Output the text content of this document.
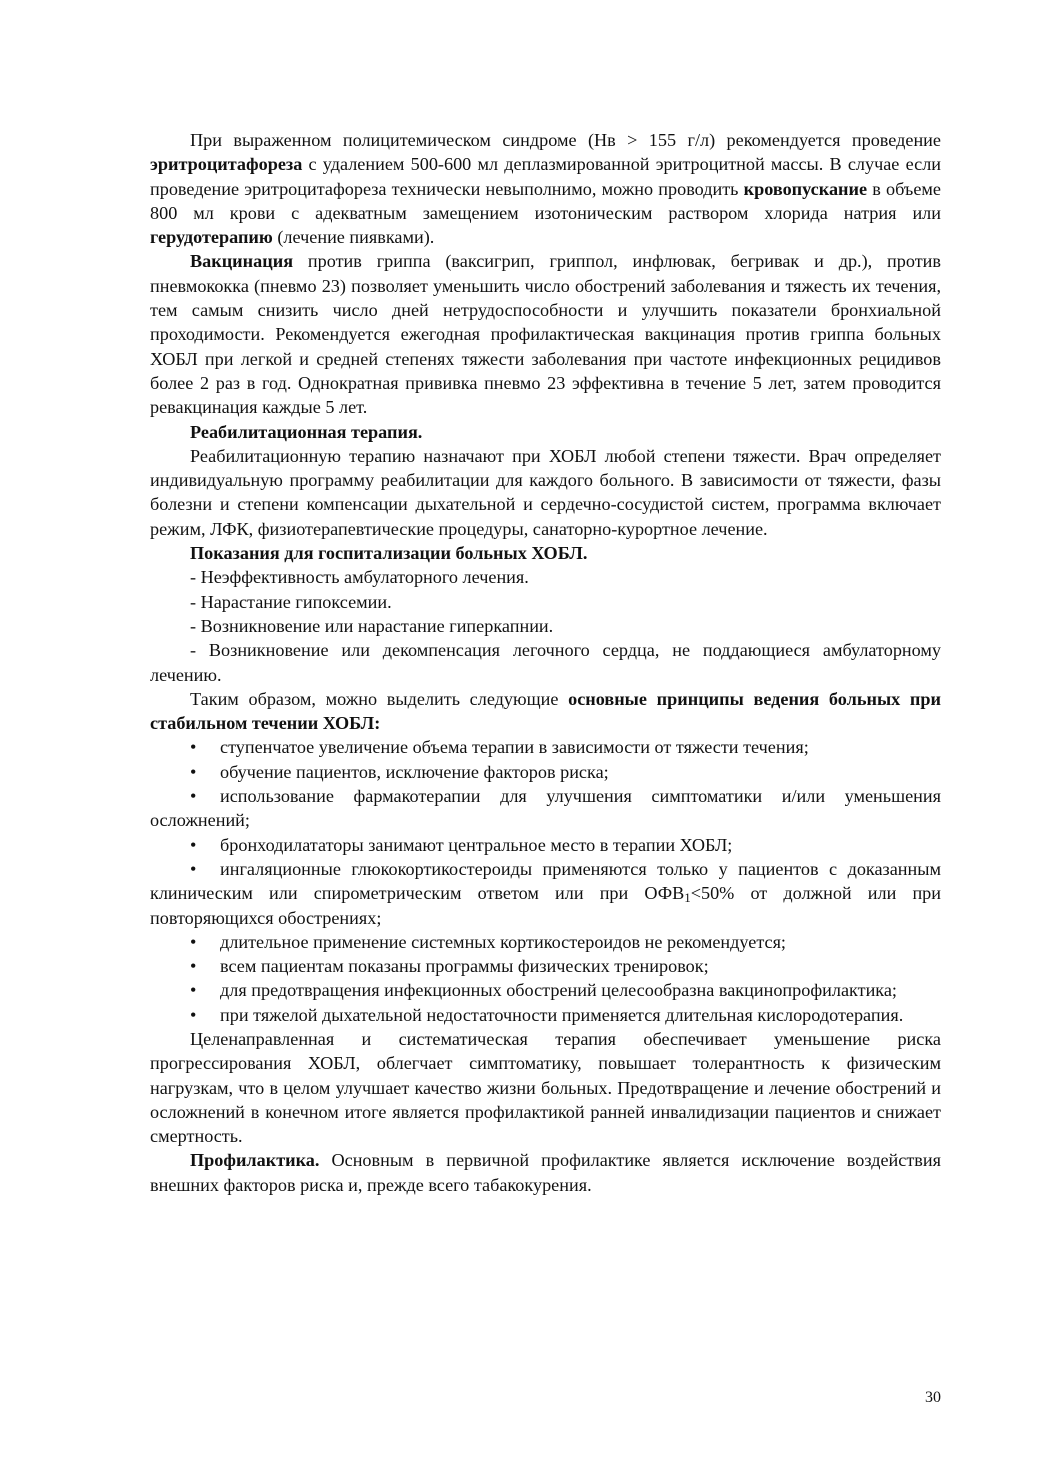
При выраженном полицитемическом синдроме (Нв > 155 г/л) рекомендуется проведение эритроцитафореза с удалением 500-600 мл деплазмированной эритроцитной массы. В случае если проведение эритроцитафореза технически невыполнимо, можно проводить кровопускание в объеме 800 мл крови с адекватным замещением изотоническим раствором хлорида натрия или герудотерапию (лечение пиявками).

Вакцинация против гриппа (ваксигрип, гриппол, инфлювак, бегривак и др.), против пневмококка (пневмо 23) позволяет уменьшить число обострений заболевания и тяжесть их течения, тем самым снизить число дней нетрудоспособности и улучшить показатели бронхиальной проходимости. Рекомендуется ежегодная профилактическая вакцинация против гриппа больных ХОБЛ при легкой и средней степенях тяжести заболевания при частоте инфекционных рецидивов более 2 раз в год. Однократная прививка пневмо 23 эффективна в течение 5 лет, затем проводится ревакцинация каждые 5 лет.

Реабилитационная терапия.

Реабилитационную терапию назначают при ХОБЛ любой степени тяжести. Врач определяет индивидуальную программу реабилитации для каждого больного. В зависимости от тяжести, фазы болезни и степени компенсации дыхательной и сердечно-сосудистой систем, программа включает режим, ЛФК, физиотерапевтические процедуры, санаторно-курортное лечение.

Показания для госпитализации больных ХОБЛ.

- Неэффективность амбулаторного лечения.

- Нарастание гипоксемии.

- Возникновение или нарастание гиперкапнии.

- Возникновение или декомпенсация легочного сердца, не поддающиеся амбулаторному лечению.

Таким образом, можно выделить следующие основные принципы ведения больных при стабильном течении ХОБЛ:

• ступенчатое увеличение объема терапии в зависимости от тяжести течения;

• обучение пациентов, исключение факторов риска;

• использование фармакотерапии для улучшения симптоматики и/или уменьшения осложнений;

• бронходилататоры занимают центральное место в терапии ХОБЛ;

• ингаляционные глюкокортикостероиды применяются только у пациентов с доказанным клиническим или спирометрическим ответом или при $ОФВ_1<50\%$ от должной или при повторяющихся обострениях;

• длительное применение системных кортикостероидов не рекомендуется;

• всем пациентам показаны программы физических тренировок;

• для предотвращения инфекционных обострений целесообразна вакцинопрофилактика;

• при тяжелой дыхательной недостаточности применяется длительная кислородотерапия.

Целенаправленная и систематическая терапия обеспечивает уменьшение риска прогрессирования ХОБЛ, облегчает симптоматику, повышает толерантность к физическим нагрузкам, что в целом улучшает качество жизни больных. Предотвращение и лечение обострений и осложнений в конечном итоге является профилактикой ранней инвалидизации пациентов и снижает смертность.

Профилактика. Основным в первичной профилактике является исключение воздействия внешних факторов риска и, прежде всего табакокурения.

30
